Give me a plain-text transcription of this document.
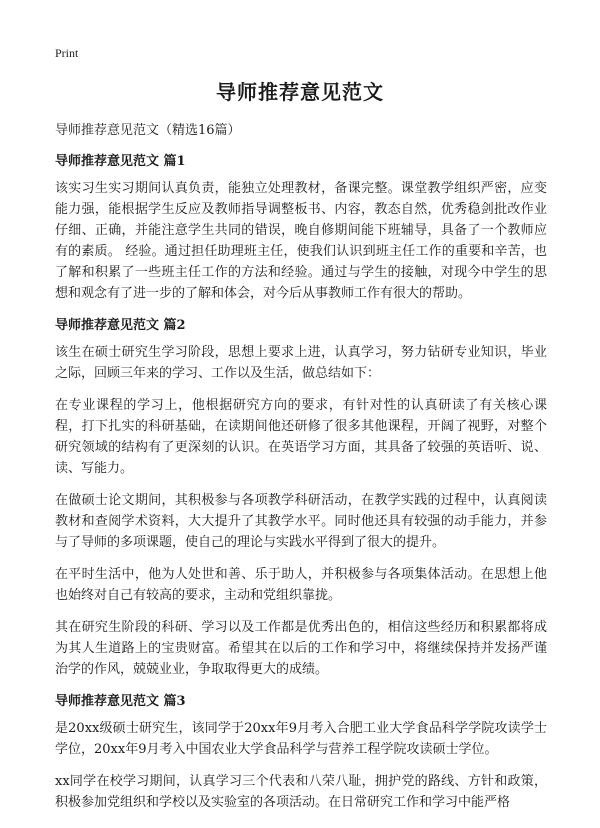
Print
导师推荐意见范文

导师推荐意见范文（精选16篇）

导师推荐意见范文 篇1

该实习生实习期间认真负责，能独立处理教材，备课完整。课堂教学组织严密，应变能力强，能根据学生反应及教师指导调整板书、内容，教态自然，优秀稳剑批改作业仔细、正确，并能注意学生共同的错误，晚自修期间能下班辅导，具备了一个教师应有的素质。 经验。通过担任助理班主任，使我们认识到班主任工作的重要和辛苦，也了解和积累了一些班主任工作的方法和经验。通过与学生的接触，对现今中学生的思想和观念有了进一步的了解和体会，对今后从事教师工作有很大的帮助。

导师推荐意见范文 篇2

该生在硕士研究生学习阶段，思想上要求上进，认真学习，努力钻研专业知识，毕业之际，回顾三年来的学习、工作以及生活，做总结如下：

在专业课程的学习上，他根据研究方向的要求，有针对性的认真研读了有关核心课程，打下扎实的科研基础，在读期间他还研修了很多其他课程，开阔了视野，对整个研究领域的结构有了更深刻的认识。在英语学习方面，其具备了较强的英语听、说、读、写能力。

在做硕士论文期间，其积极参与各项教学科研活动，在教学实践的过程中，认真阅读教材和查阅学术资料，大大提升了其教学水平。同时他还具有较强的动手能力，并参与了导师的多项课题，使自己的理论与实践水平得到了很大的提升。

在平时生活中，他为人处世和善、乐于助人，并积极参与各项集体活动。在思想上他也始终对自己有较高的要求，主动和党组织靠拢。

其在研究生阶段的科研、学习以及工作都是优秀出色的，相信这些经历和积累都将成为其人生道路上的宝贵财富。希望其在以后的工作和学习中，将继续保持并发扬严谨治学的作风，兢兢业业，争取取得更大的成绩。

导师推荐意见范文 篇3

是20xx级硕士研究生，该同学于20xx年9月考入合肥工业大学食品科学学院攻读学士学位，20xx年9月考入中国农业大学食品科学与营养工程学院攻读硕士学位。

xx同学在校学习期间，认真学习三个代表和八荣八耻，拥护党的路线、方针和政策，积极参加党组织和学校以及实验室的各项活动。在日常研究工作和学习中能严格
